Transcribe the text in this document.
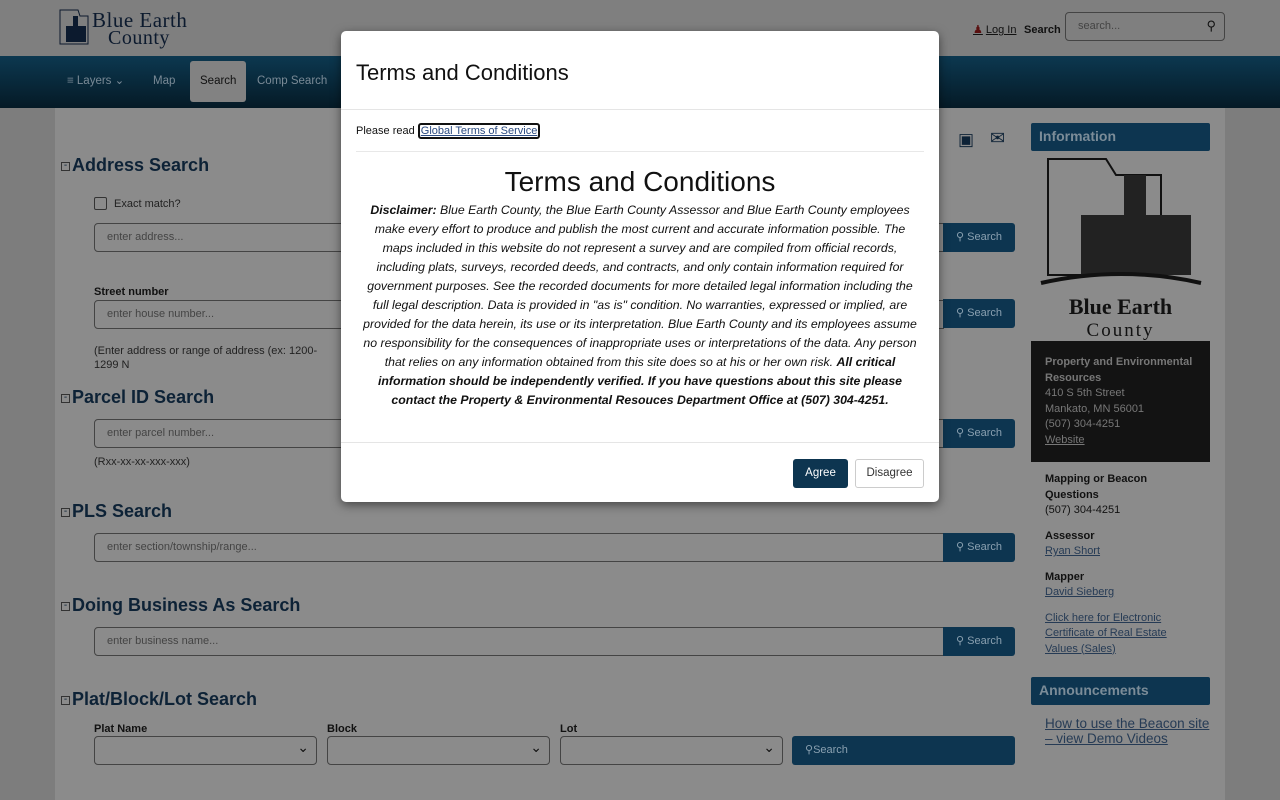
Blue Earth
County	♟ Log In Search	search...	⚲
≡ Layers ⌄	Map	Search	Comp Search
▣ ✉
- Address Search
Exact match?
enter address...	⚲ Search
Street number
enter house number...	⚲ Search
(Enter address or range of address (ex: 1200-1299 N
- Parcel ID Search
enter parcel number...	⚲ Search
(Rxx-xx-xx-xxx-xxx)
- PLS Search
enter section/township/range...	⚲ Search
- Doing Business As Search
enter business name...	⚲ Search
- Plat/Block/Lot Search
Plat Name	Block	Lot
⌄
⌄
⌄
⚲Search
Information
Blue Earth
County
Property and Environmental Resources
410 S 5th Street
Mankato, MN 56001
(507) 304-4251
Website
Mapping or Beacon Questions
(507) 304-4251
Assessor
Ryan Short
Mapper
David Sieberg
Click here for Electronic Certificate of Real Estate Values (Sales)
Announcements
How to use the Beacon site – view Demo Videos
Terms and Conditions
Please read Global Terms of Service
Terms and Conditions
Disclaimer: Blue Earth County, the Blue Earth County Assessor and Blue Earth County employees make every effort to produce and publish the most current and accurate information possible. The maps included in this website do not represent a survey and are compiled from official records, including plats, surveys, recorded deeds, and contracts, and only contain information required for government purposes. See the recorded documents for more detailed legal information including the full legal description. Data is provided in "as is" condition. No warranties, expressed or implied, are provided for the data herein, its use or its interpretation. Blue Earth County and its employees assume no responsibility for the consequences of inappropriate uses or interpretations of the data. Any person that relies on any information obtained from this site does so at his or her own risk. All critical information should be independently verified. If you have questions about this site please contact the Property & Environmental Resouces Department Office at (507) 304-4251.
Agree	Disagree
